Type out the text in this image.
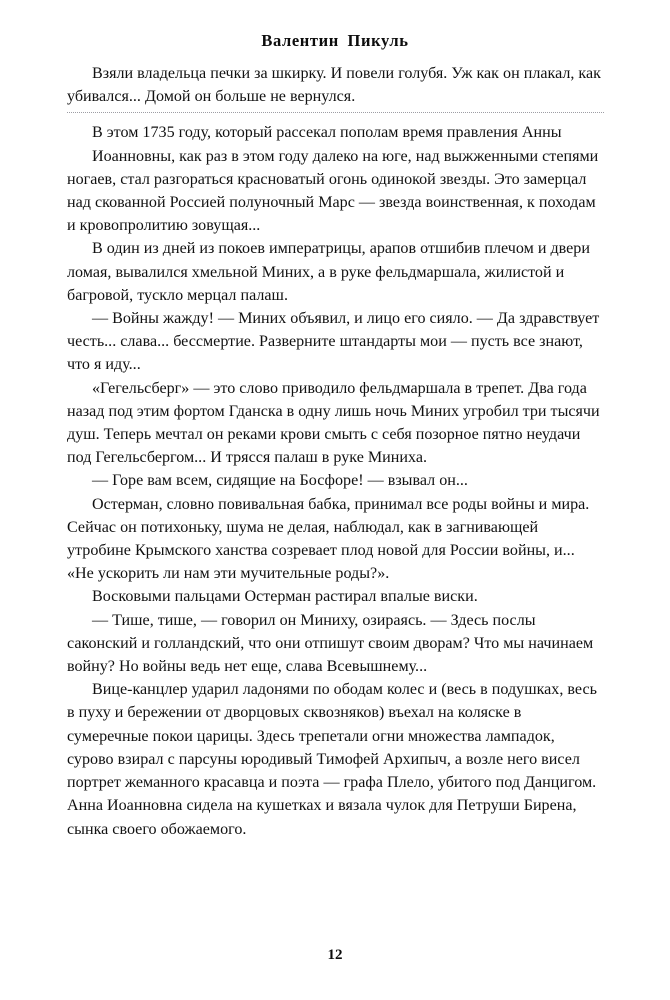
Валентин Пикуль

Взяли владельца печки за шкирку. И повели голубя. Уж как он плакал, как убивался... Домой он больше не вернулся.

В этом 1735 году, который рассекал пополам время правления Анны

Иоанновны, как раз в этом году далеко на юге, над выжженными степями ногаев, стал разгораться красноватый огонь одинокой звезды. Это замерцал над скованной Россией полуночный Марс — звезда воинственная, к походам и кровопролитию зовущая...

В один из дней из покоев императрицы, арапов отшибив плечом и двери ломая, вывалился хмельной Миних, а в руке фельдмаршала, жилистой и багровой, тускло мерцал палаш.

— Войны жажду! — Миних объявил, и лицо его сияло. — Да здравствует честь... слава... бессмертие. Разверните штандарты мои — пусть все знают, что я иду...

«Гегельсберг» — это слово приводило фельдмаршала в трепет. Два года назад под этим фортом Гданска в одну лишь ночь Миних угробил три тысячи душ. Теперь мечтал он реками крови смыть с себя позорное пятно неудачи под Гегельсбергом... И трясся палаш в руке Миниха.

— Горе вам всем, сидящие на Босфоре! — взывал он...

Остерман, словно повивальная бабка, принимал все роды войны и мира. Сейчас он потихоньку, шума не делая, наблюдал, как в загнивающей утробине Крымского ханства созревает плод новой для России войны, и... «Не ускорить ли нам эти мучительные роды?».

Восковыми пальцами Остерман растирал впалые виски.

— Тише, тише, — говорил он Миниху, озираясь. — Здесь послы саконский и голландский, что они отпишут своим дворам? Что мы начинаем войну? Но войны ведь нет еще, слава Всевышнему...

Вице-канцлер ударил ладонями по ободам колес и (весь в подушках, весь в пуху и бережении от дворцовых сквозняков) въехал на коляске в сумеречные покои царицы. Здесь трепетали огни множества лампадок, сурово взирал с парсуны юродивый Тимофей Архипыч, а возле него висел портрет жеманного красавца и поэта — графа Плело, убитого под Данцигом. Анна Иоанновна сидела на кушетках и вязала чулок для Петруши Бирена, сынка своего обожаемого.

12
